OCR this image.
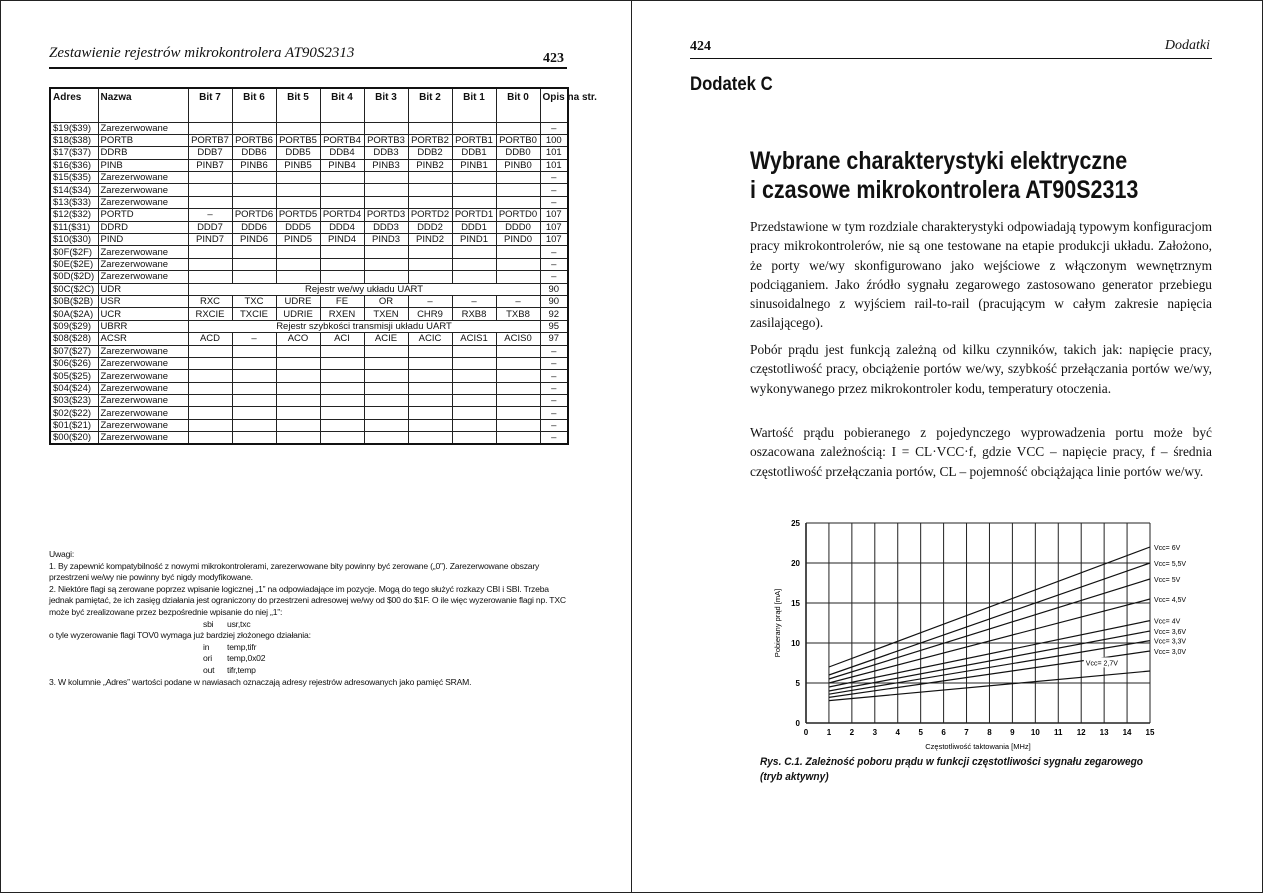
Zestawienie rejestrów mikrokontrolera AT90S2313	423
Adres	Nazwa	Bit 7	Bit 6	Bit 5	Bit 4	Bit 3	Bit 2	Bit 1	Bit 0	Opis na str.
$19($39)	Zarezerwowane									–
$18($38)	PORTB	PORTB7	PORTB6	PORTB5	PORTB4	PORTB3	PORTB2	PORTB1	PORTB0	100
$17($37)	DDRB	DDB7	DDB6	DDB5	DDB4	DDB3	DDB2	DDB1	DDB0	101
$16($36)	PINB	PINB7	PINB6	PINB5	PINB4	PINB3	PINB2	PINB1	PINB0	101
$15($35)	Zarezerwowane									–
$14($34)	Zarezerwowane									–
$13($33)	Zarezerwowane									–
$12($32)	PORTD	–	PORTD6	PORTD5	PORTD4	PORTD3	PORTD2	PORTD1	PORTD0	107
$11($31)	DDRD	DDD7	DDD6	DDD5	DDD4	DDD3	DDD2	DDD1	DDD0	107
$10($30)	PIND	PIND7	PIND6	PIND5	PIND4	PIND3	PIND2	PIND1	PIND0	107
$0F($2F)	Zarezerwowane									–
$0E($2E)	Zarezerwowane									–
$0D($2D)	Zarezerwowane									–
$0C($2C)	UDR	Rejestr we/wy układu UART								90
$0B($2B)	USR	RXC	TXC	UDRE	FE	OR	–	–	–	90
$0A($2A)	UCR	RXCIE	TXCIE	UDRIE	RXEN	TXEN	CHR9	RXB8	TXB8	92
$09($29)	UBRR	Rejestr szybkości transmisji układu UART								95
$08($28)	ACSR	ACD	–	ACO	ACI	ACIE	ACIC	ACIS1	ACIS0	97
$07($27)	Zarezerwowane									–
$06($26)	Zarezerwowane									–
$05($25)	Zarezerwowane									–
$04($24)	Zarezerwowane									–
$03($23)	Zarezerwowane									–
$02($22)	Zarezerwowane									–
$01($21)	Zarezerwowane									–
$00($20)	Zarezerwowane									–

Uwagi:

1. By zapewnić kompatybilność z nowymi mikrokontrolerami, zarezerwowane bity powinny być zerowane („0”). Zarezerwowane obszary przestrzeni we/wy nie powinny być nigdy modyfikowane.

2. Niektóre flagi są zerowane poprzez wpisanie logicznej „1” na odpowiadające im pozycje. Mogą do tego służyć rozkazy CBI i SBI. Trzeba jednak pamiętać, że ich zasięg działania jest ograniczony do przestrzeni adresowej we/wy od $00 do $1F. O ile więc wyzerowanie flagi np. TXC może być zrealizowane przez bezpośrednie wpisanie do niej „1”:

sbi	usr,txc

o tyle wyzerowanie flagi TOV0 wymaga już bardziej złożonego działania:

in	temp,tifr
ori	temp,0x02
out	tifr,temp

3. W kolumnie „Adres” wartości podane w nawiasach oznaczają adresy rejestrów adresowanych jako pamięć SRAM.

424	Dodatki
Dodatek C
Wybrane charakterystyki elektryczne
i czasowe mikrokontrolera AT90S2313

Przedstawione w tym rozdziale charakterystyki odpowiadają typowym konfiguracjom pracy mikrokontrolerów, nie są one testowane na etapie produkcji układu. Założono, że porty we/wy skonfigurowano jako wejściowe z włączonym wewnętrznym podciąganiem. Jako źródło sygnału zegarowego zastosowano generator przebiegu sinusoidalnego z wyjściem rail-to-rail (pracującym w całym zakresie napięcia zasilającego).

Pobór prądu jest funkcją zależną od kilku czynników, takich jak: napięcie pracy, częstotliwość pracy, obciążenie portów we/wy, szybkość przełączania portów we/wy, wykonywanego przez mikrokontroler kodu, temperatury otoczenia.

Wartość prądu pobieranego z pojedynczego wyprowadzenia portu może być oszacowana zależnością: I = CL·VCC·f, gdzie VCC – napięcie pracy, f – średnia częstotliwość przełączania portów, CL – pojemność obciążająca linie portów we/wy.

0 1 2 3 4 5 6 7 8 9 10 11 12 13 14 15
0
5
10
15
20
25
Częstotliwość taktowania [MHz]
Pobierany prąd [mA]
Vcc= 6V
Vcc= 5,5V
Vcc= 5V
Vcc= 4,5V
Vcc= 4V
Vcc= 3,6V
Vcc= 3,3V
Vcc= 3,0V
Vcc= 2,7V
Rys. C.1. Zależność poboru prądu w funkcji częstotliwości sygnału zegarowego
(tryb aktywny)
